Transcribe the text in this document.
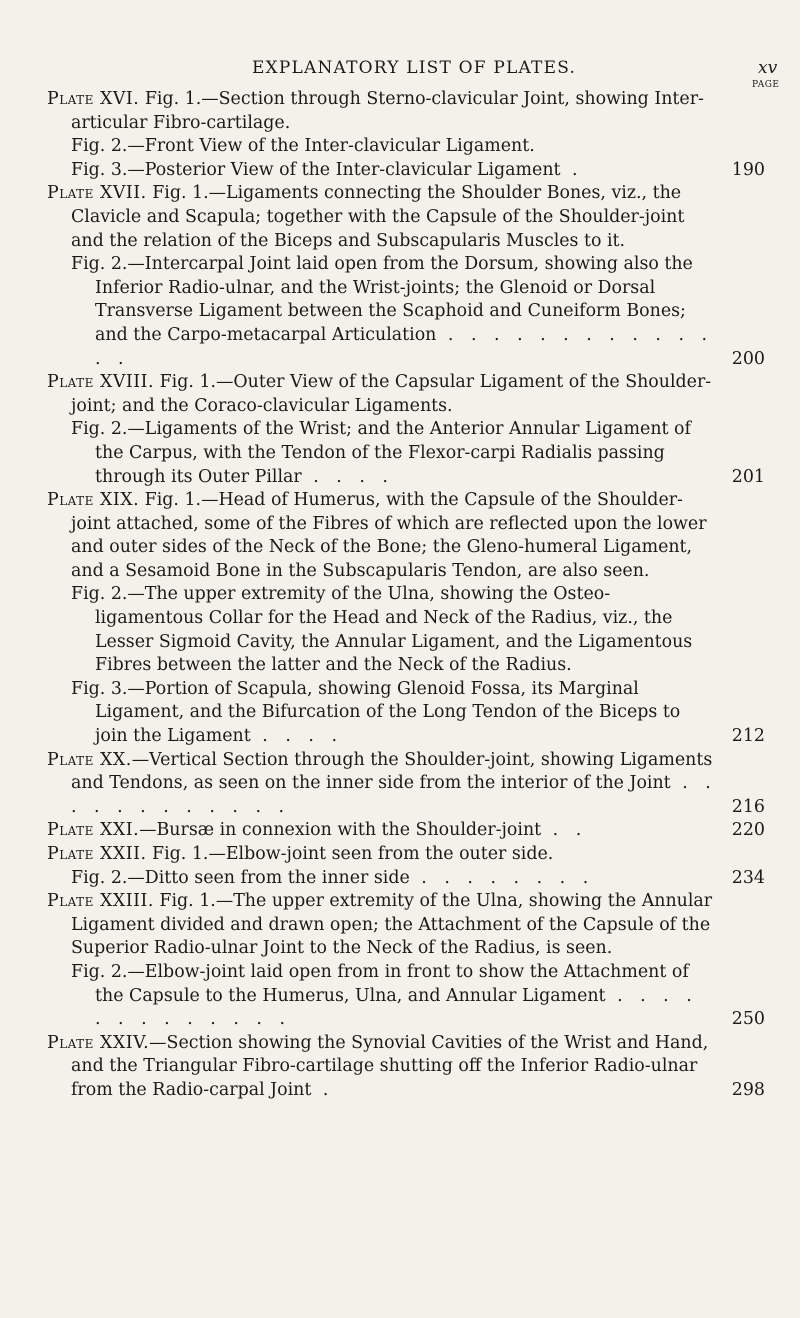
EXPLANATORY LIST OF PLATES.	xv
PAGE
Plate XVI. Fig. 1.—Section through Sterno-clavicular Joint, showing Inter-articular Fibro-cartilage.
Fig. 2.—Front View of the Inter-clavicular Ligament.
Fig. 3.—Posterior View of the Inter-clavicular Ligament .	190
Plate XVII. Fig. 1.—Ligaments connecting the Shoulder Bones, viz., the Clavicle and Scapula; together with the Capsule of the Shoulder-joint and the relation of the Biceps and Subscapularis Muscles to it.
Fig. 2.—Intercarpal Joint laid open from the Dorsum, showing also the Inferior Radio-ulnar, and the Wrist-joints; the Glenoid or Dorsal Transverse Ligament between the Scaphoid and Cuneiform Bones; and the Carpo-metacarpal Articulation . . . . . . . . . . . . . .	200
Plate XVIII. Fig. 1.—Outer View of the Capsular Ligament of the Shoulder-joint; and the Coraco-clavicular Ligaments.
Fig. 2.—Ligaments of the Wrist; and the Anterior Annular Ligament of the Carpus, with the Tendon of the Flexor-carpi Radialis passing through its Outer Pillar . . . .	201
Plate XIX. Fig. 1.—Head of Humerus, with the Capsule of the Shoulder-joint attached, some of the Fibres of which are reflected upon the lower and outer sides of the Neck of the Bone; the Gleno-humeral Ligament, and a Sesamoid Bone in the Subscapularis Tendon, are also seen.
Fig. 2.—The upper extremity of the Ulna, showing the Osteo-ligamentous Collar for the Head and Neck of the Radius, viz., the Lesser Sigmoid Cavity, the Annular Ligament, and the Ligamentous Fibres between the latter and the Neck of the Radius.
Fig. 3.—Portion of Scapula, showing Glenoid Fossa, its Marginal Ligament, and the Bifurcation of the Long Tendon of the Biceps to join the Ligament . . . .	212
Plate XX.—Vertical Section through the Shoulder-joint, showing Ligaments and Tendons, as seen on the inner side from the interior of the Joint . . . . . . . . . . . .	216
Plate XXI.—Bursæ in connexion with the Shoulder-joint . .	220
Plate XXII. Fig. 1.—Elbow-joint seen from the outer side.
Fig. 2.—Ditto seen from the inner side . . . . . . . .	234
Plate XXIII. Fig. 1.—The upper extremity of the Ulna, showing the Annular Ligament divided and drawn open; the Attachment of the Capsule of the Superior Radio-ulnar Joint to the Neck of the Radius, is seen.
Fig. 2.—Elbow-joint laid open from in front to show the Attachment of the Capsule to the Humerus, Ulna, and Annular Ligament . . . . . . . . . . . . .	250
Plate XXIV.—Section showing the Synovial Cavities of the Wrist and Hand, and the Triangular Fibro-cartilage shutting off the Inferior Radio-ulnar from the Radio-carpal Joint .	298
